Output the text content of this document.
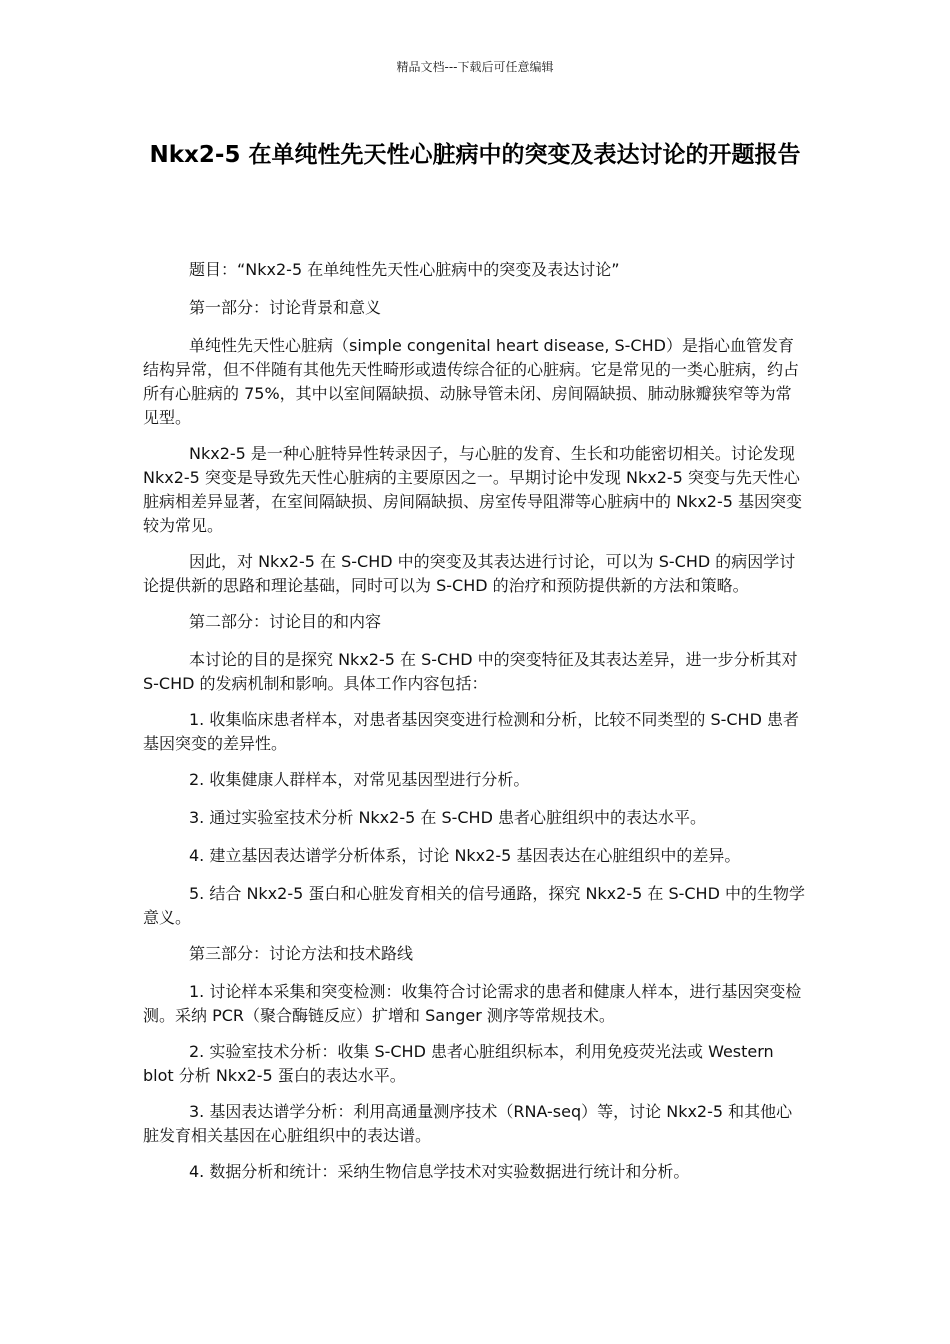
精品文档---下载后可任意编辑
Nkx2-5 在单纯性先天性心脏病中的突变及表达讨论的开题报告

题目：“Nkx2-5 在单纯性先天性心脏病中的突变及表达讨论”

第一部分：讨论背景和意义

单纯性先天性心脏病（simple congenital heart disease, S-CHD）是指心血管发育结构异常，但不伴随有其他先天性畸形或遗传综合征的心脏病。它是常见的一类心脏病，约占所有心脏病的 75%，其中以室间隔缺损、动脉导管未闭、房间隔缺损、肺动脉瓣狭窄等为常见型。

Nkx2-5 是一种心脏特异性转录因子，与心脏的发育、生长和功能密切相关。讨论发现 Nkx2-5 突变是导致先天性心脏病的主要原因之一。早期讨论中发现 Nkx2-5 突变与先天性心脏病相差异显著，在室间隔缺损、房间隔缺损、房室传导阻滞等心脏病中的 Nkx2-5 基因突变较为常见。

因此，对 Nkx2-5 在 S-CHD 中的突变及其表达进行讨论，可以为 S-CHD 的病因学讨论提供新的思路和理论基础，同时可以为 S-CHD 的治疗和预防提供新的方法和策略。

第二部分：讨论目的和内容

本讨论的目的是探究 Nkx2-5 在 S-CHD 中的突变特征及其表达差异，进一步分析其对 S-CHD 的发病机制和影响。具体工作内容包括：

1. 收集临床患者样本，对患者基因突变进行检测和分析，比较不同类型的 S-CHD 患者基因突变的差异性。

2. 收集健康人群样本，对常见基因型进行分析。

3. 通过实验室技术分析 Nkx2-5 在 S-CHD 患者心脏组织中的表达水平。

4. 建立基因表达谱学分析体系，讨论 Nkx2-5 基因表达在心脏组织中的差异。

5. 结合 Nkx2-5 蛋白和心脏发育相关的信号通路，探究 Nkx2-5 在 S-CHD 中的生物学意义。

第三部分：讨论方法和技术路线

1. 讨论样本采集和突变检测：收集符合讨论需求的患者和健康人样本，进行基因突变检测。采纳 PCR（聚合酶链反应）扩增和 Sanger 测序等常规技术。

2. 实验室技术分析：收集 S-CHD 患者心脏组织标本，利用免疫荧光法或 Western blot 分析 Nkx2-5 蛋白的表达水平。

3. 基因表达谱学分析：利用高通量测序技术（RNA-seq）等，讨论 Nkx2-5 和其他心脏发育相关基因在心脏组织中的表达谱。

4. 数据分析和统计：采纳生物信息学技术对实验数据进行统计和分析。
